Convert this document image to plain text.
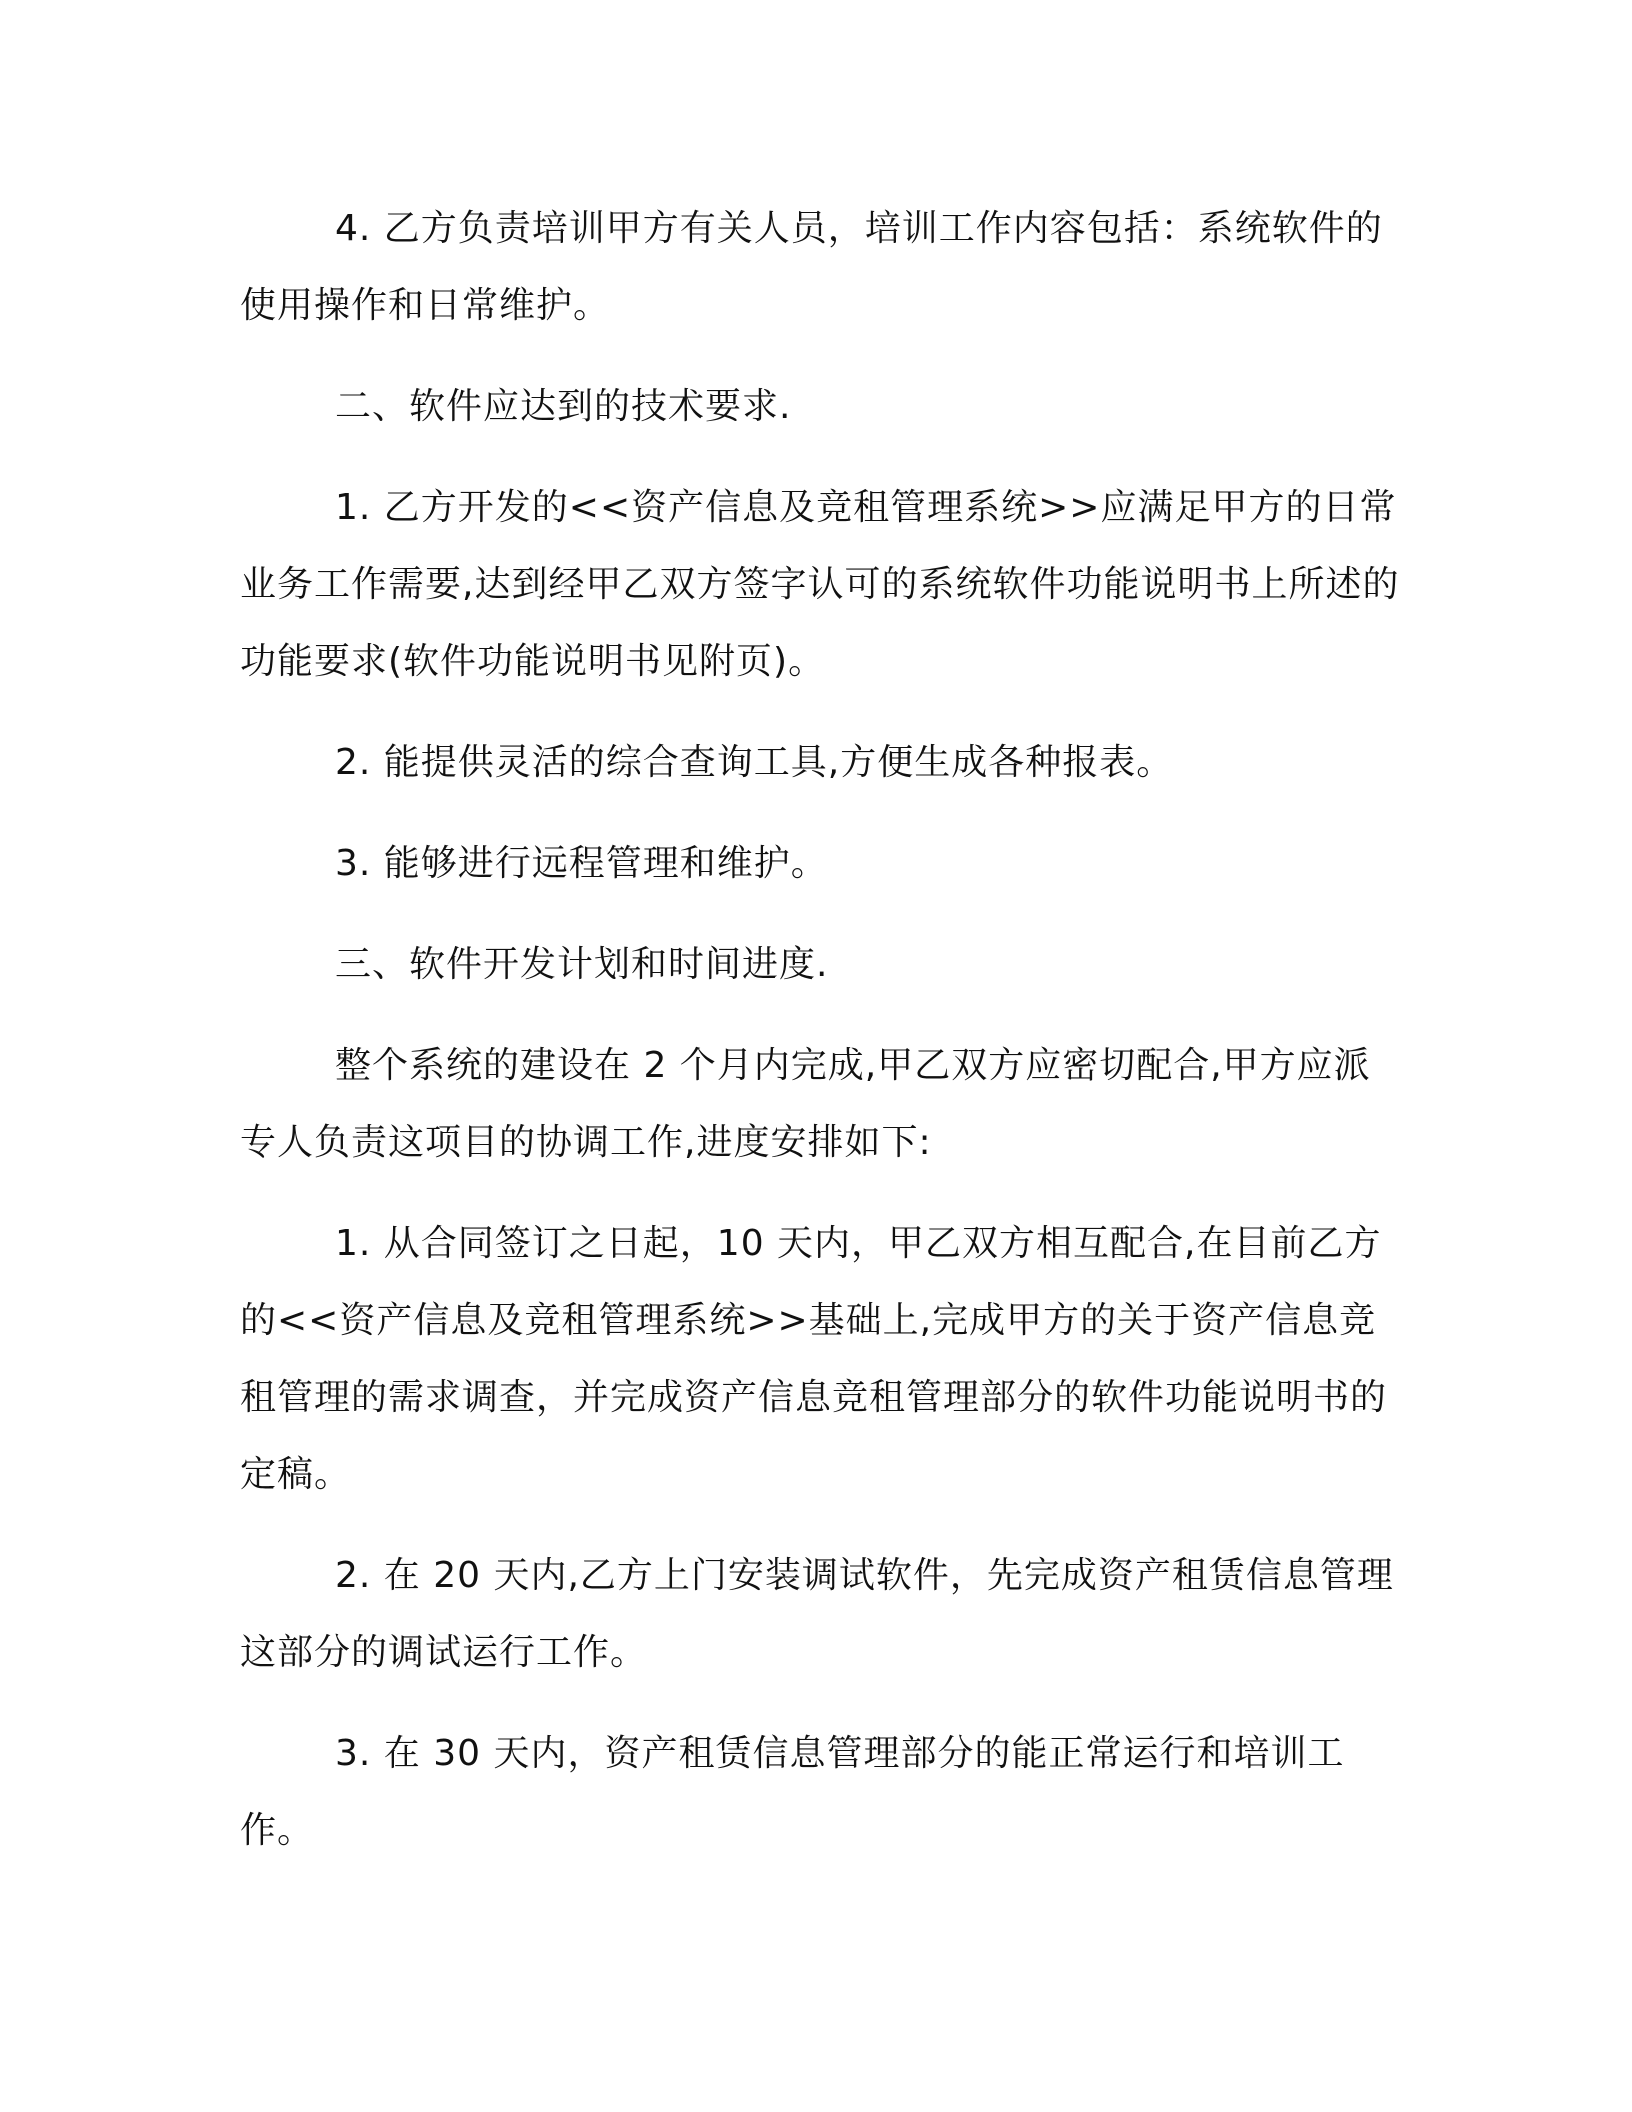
4. 乙方负责培训甲方有关人员，培训工作内容包括：系统软件的使用操作和日常维护。

二、软件应达到的技术要求.

1. 乙方开发的<<资产信息及竞租管理系统>>应满足甲方的日常业务工作需要,达到经甲乙双方签字认可的系统软件功能说明书上所述的功能要求(软件功能说明书见附页)。

2. 能提供灵活的综合查询工具,方便生成各种报表。

3. 能够进行远程管理和维护。

三、软件开发计划和时间进度.

整个系统的建设在 2 个月内完成,甲乙双方应密切配合,甲方应派专人负责这项目的协调工作,进度安排如下:

1. 从合同签订之日起，10 天内，甲乙双方相互配合,在目前乙方的<<资产信息及竞租管理系统>>基础上,完成甲方的关于资产信息竞租管理的需求调查，并完成资产信息竞租管理部分的软件功能说明书的定稿。

2. 在 20 天内,乙方上门安装调试软件，先完成资产租赁信息管理这部分的调试运行工作。

3. 在 30 天内，资产租赁信息管理部分的能正常运行和培训工作。
